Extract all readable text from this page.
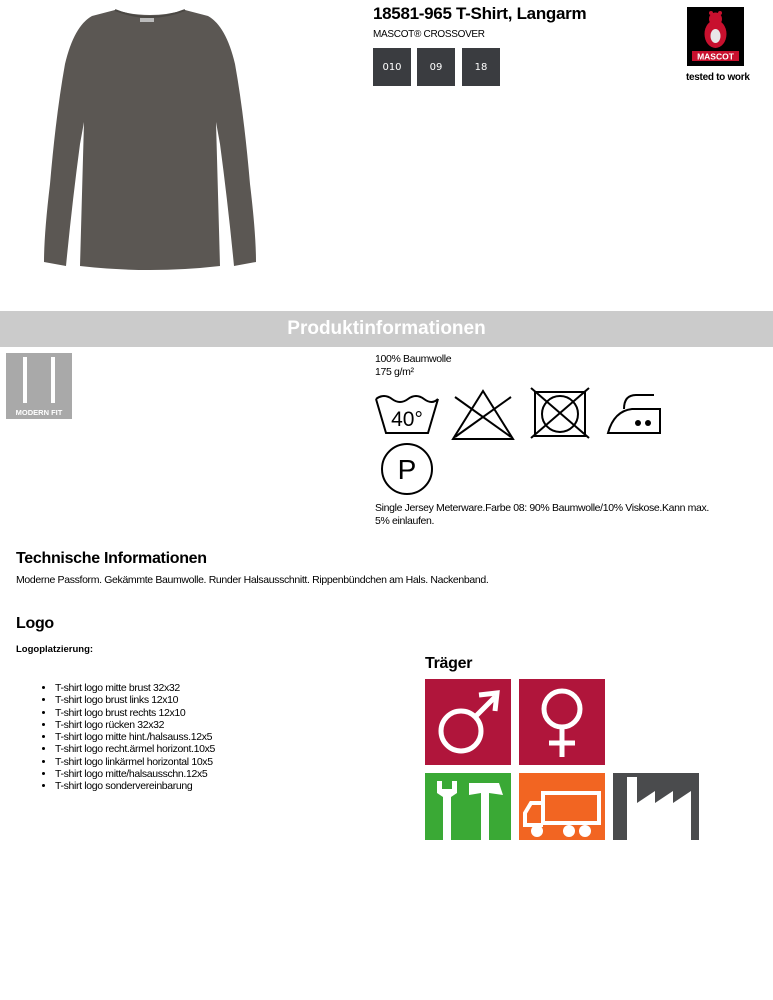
18581-965 T-Shirt, Langarm
MASCOT® CROSSOVER
010	09	18
MASCOT
tested to work
Produktinformationen
MODERN FIT
100% Baumwolle
175 g/m²
40°
P
Single Jersey Meterware.Farbe 08: 90% Baumwolle/10% Viskose.Kann max. 5% einlaufen.
Technische Informationen
Moderne Passform. Gekämmte Baumwolle. Runder Halsausschnitt. Rippenbündchen am Hals. Nackenband.
Logo
Logoplatzierung:
• T-shirt logo mitte brust 32x32
• T-shirt logo brust links 12x10
• T-shirt logo brust rechts 12x10
• T-shirt logo rücken 32x32
• T-shirt logo mitte hint./halsauss.12x5
• T-shirt logo recht.ärmel horizont.10x5
• T-shirt logo linkärmel horizontal 10x5
• T-shirt logo mitte/halsausschn.12x5
• T-shirt logo sondervereinbarung
Träger
